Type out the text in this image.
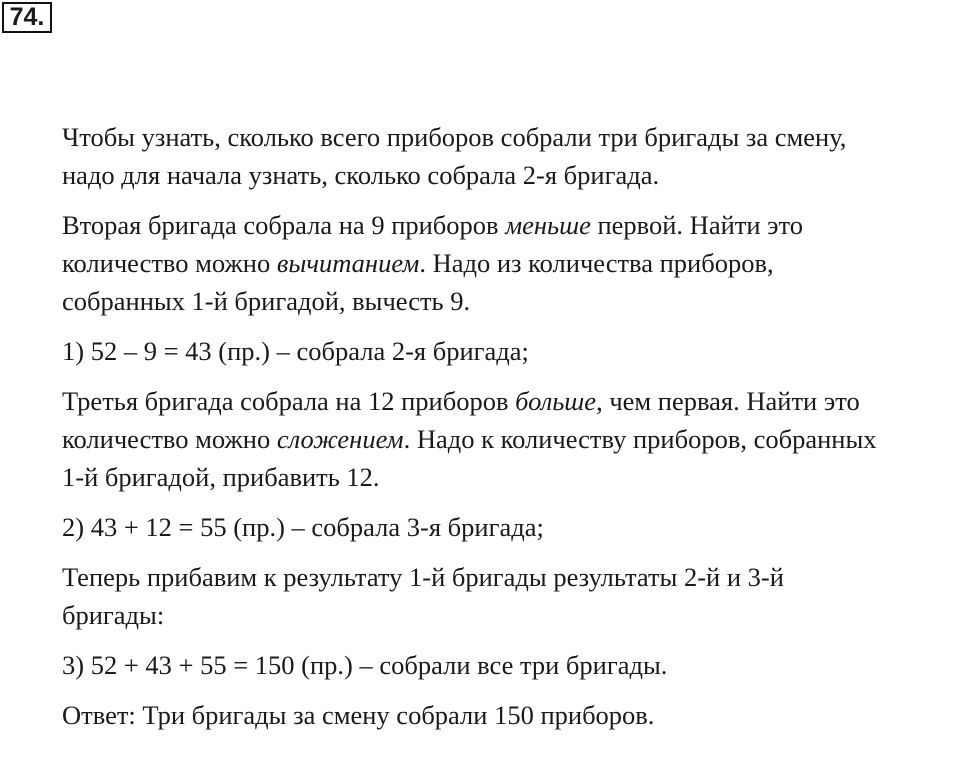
74.
Чтобы узнать, сколько всего приборов собрали три бригады за смену,
надо для начала узнать, сколько собрала 2-я бригада.
Вторая бригада собрала на 9 приборов меньше первой. Найти это
количество можно вычитанием. Надо из количества приборов,
собранных 1-й бригадой, вычесть 9.
1) 52 – 9 = 43 (пр.) – собрала 2-я бригада;
Третья бригада собрала на 12 приборов больше, чем первая. Найти это
количество можно сложением. Надо к количеству приборов, собранных
1-й бригадой, прибавить 12.
2) 43 + 12 = 55 (пр.) – собрала 3-я бригада;
Теперь прибавим к результату 1-й бригады результаты 2-й и 3-й
бригады:
3) 52 + 43 + 55 = 150 (пр.) – собрали все три бригады.
Ответ: Три бригады за смену собрали 150 приборов.
